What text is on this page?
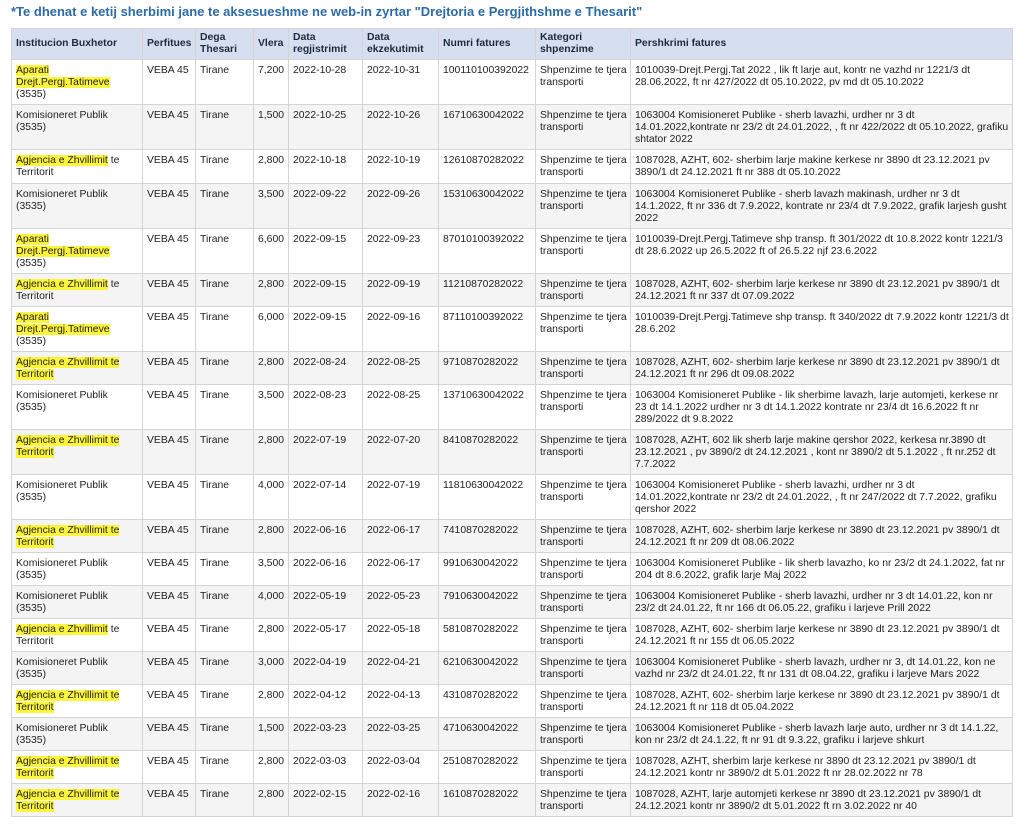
*Te dhenat e ketij sherbimi jane te aksesueshme ne web-in zyrtar "Drejtoria e Pergjithshme e Thesarit"
Institucion Buxhetor	Perfitues	Dega Thesari	Vlera	Data regjistrimit	Data ekzekutimit	Numri fatures	Kategori shpenzime	Pershkrimi fatures
Aparati Drejt.Pergj.Tatimeve (3535)	VEBA 45	Tirane	7,200	2022-10-28	2022-10-31	100110100392022	Shpenzime te tjera transporti	1010039-Drejt.Pergj.Tat 2022 , lik ft larje aut, kontr ne vazhd nr 1221/3 dt 28.06.2022, ft nr 427/2022 dt 05.10.2022, pv md dt 05.10.2022
Komisioneret Publik (3535)	VEBA 45	Tirane	1,500	2022-10-25	2022-10-26	16710630042022	Shpenzime te tjera transporti	1063004 Komisioneret Publike - sherb lavazhi, urdher nr 3 dt 14.01.2022,kontrate nr 23/2 dt 24.01.2022, , ft nr 422/2022 dt 05.10.2022, grafiku shtator 2022
Agjencia e Zhvillimit te Territorit	VEBA 45	Tirane	2,800	2022-10-18	2022-10-19	12610870282022	Shpenzime te tjera transporti	1087028, AZHT, 602- sherbim larje makine kerkese nr 3890 dt 23.12.2021 pv 3890/1 dt 24.12.2021 ft nr 388 dt 05.10.2022
Komisioneret Publik (3535)	VEBA 45	Tirane	3,500	2022-09-22	2022-09-26	15310630042022	Shpenzime te tjera transporti	1063004 Komisioneret Publike - sherb lavazh makinash, urdher nr 3 dt 14.1.2022, ft nr 336 dt 7.9.2022, kontrate nr 23/4 dt 7.9.2022, grafik larjesh gusht 2022
Aparati Drejt.Pergj.Tatimeve (3535)	VEBA 45	Tirane	6,600	2022-09-15	2022-09-23	87010100392022	Shpenzime te tjera transporti	1010039-Drejt.Pergj.Tatimeve shp transp. ft 301/2022 dt 10.8.2022 kontr 1221/3 dt 28.6.2022 up 26.5.2022 ft of 26.5.22 njf 23.6.2022
Agjencia e Zhvillimit te Territorit	VEBA 45	Tirane	2,800	2022-09-15	2022-09-19	11210870282022	Shpenzime te tjera transporti	1087028, AZHT, 602- sherbim larje kerkese nr 3890 dt 23.12.2021 pv 3890/1 dt 24.12.2021 ft nr 337 dt 07.09.2022
Aparati Drejt.Pergj.Tatimeve (3535)	VEBA 45	Tirane	6,000	2022-09-15	2022-09-16	87110100392022	Shpenzime te tjera transporti	1010039-Drejt.Pergj.Tatimeve shp transp. ft 340/2022 dt 7.9.2022 kontr 1221/3 dt 28.6.202
Agjencia e Zhvillimit te Territorit	VEBA 45	Tirane	2,800	2022-08-24	2022-08-25	9710870282022	Shpenzime te tjera transporti	1087028, AZHT, 602- sherbim larje kerkese nr 3890 dt 23.12.2021 pv 3890/1 dt 24.12.2021 ft nr 296 dt 09.08.2022
Komisioneret Publik (3535)	VEBA 45	Tirane	3,500	2022-08-23	2022-08-25	13710630042022	Shpenzime te tjera transporti	1063004 Komisioneret Publike - lik sherbime lavazh, larje automjeti, kerkese nr 23 dt 14.1.2022 urdher nr 3 dt 14.1.2022 kontrate nr 23/4 dt 16.6.2022 ft nr 289/2022 dt 9.8.2022
Agjencia e Zhvillimit te Territorit	VEBA 45	Tirane	2,800	2022-07-19	2022-07-20	8410870282022	Shpenzime te tjera transporti	1087028, AZHT, 602 lik sherb larje makine qershor 2022, kerkesa nr.3890 dt 23.12.2021 , pv 3890/2 dt 24.12.2021 , kont nr 3890/2 dt 5.1.2022 , ft nr.252 dt 7.7.2022
Komisioneret Publik (3535)	VEBA 45	Tirane	4,000	2022-07-14	2022-07-19	11810630042022	Shpenzime te tjera transporti	1063004 Komisioneret Publike - sherb lavazhi, urdher nr 3 dt 14.01.2022,kontrate nr 23/2 dt 24.01.2022, , ft nr 247/2022 dt 7.7.2022, grafiku qershor 2022
Agjencia e Zhvillimit te Territorit	VEBA 45	Tirane	2,800	2022-06-16	2022-06-17	7410870282022	Shpenzime te tjera transporti	1087028, AZHT, 602- sherbim larje kerkese nr 3890 dt 23.12.2021 pv 3890/1 dt 24.12.2021 ft nr 209 dt 08.06.2022
Komisioneret Publik (3535)	VEBA 45	Tirane	3,500	2022-06-16	2022-06-17	9910630042022	Shpenzime te tjera transporti	1063004 Komisioneret Publike - lik sherb lavazho, ko nr 23/2 dt 24.1.2022, fat nr 204 dt 8.6.2022, grafik larje Maj 2022
Komisioneret Publik (3535)	VEBA 45	Tirane	4,000	2022-05-19	2022-05-23	7910630042022	Shpenzime te tjera transporti	1063004 Komisioneret Publike - sherb lavazhi, urdher nr 3 dt 14.01.22, kon nr 23/2 dt 24.01.22, ft nr 166 dt 06.05.22, grafiku i larjeve Prill 2022
Agjencia e Zhvillimit te Territorit	VEBA 45	Tirane	2,800	2022-05-17	2022-05-18	5810870282022	Shpenzime te tjera transporti	1087028, AZHT, 602- sherbim larje kerkese nr 3890 dt 23.12.2021 pv 3890/1 dt 24.12.2021 ft nr 155 dt 06.05.2022
Komisioneret Publik (3535)	VEBA 45	Tirane	3,000	2022-04-19	2022-04-21	6210630042022	Shpenzime te tjera transporti	1063004 Komisioneret Publike - sherb lavazh, urdher nr 3, dt 14.01.22, kon ne vazhd nr 23/2 dt 24.01.22, ft nr 131 dt 08.04.22, grafiku i larjeve Mars 2022
Agjencia e Zhvillimit te Territorit	VEBA 45	Tirane	2,800	2022-04-12	2022-04-13	4310870282022	Shpenzime te tjera transporti	1087028, AZHT, 602- sherbim larje kerkese nr 3890 dt 23.12.2021 pv 3890/1 dt 24.12.2021 ft nr 118 dt 05.04.2022
Komisioneret Publik (3535)	VEBA 45	Tirane	1,500	2022-03-23	2022-03-25	4710630042022	Shpenzime te tjera transporti	1063004 Komisioneret Publike - sherb lavazh larje auto, urdher nr 3 dt 14.1.22, kon nr 23/2 dt 24.1.22, ft nr 91 dt 9.3.22, grafiku i larjeve shkurt
Agjencia e Zhvillimit te Territorit	VEBA 45	Tirane	2,800	2022-03-03	2022-03-04	2510870282022	Shpenzime te tjera transporti	1087028, AZHT, sherbim larje kerkese nr 3890 dt 23.12.2021 pv 3890/1 dt 24.12.2021 kontr nr 3890/2 dt 5.01.2022 ft nr 28.02.2022 nr 78
Agjencia e Zhvillimit te Territorit	VEBA 45	Tirane	2,800	2022-02-15	2022-02-16	1610870282022	Shpenzime te tjera transporti	1087028, AZHT, larje automjeti kerkese nr 3890 dt 23.12.2021 pv 3890/1 dt 24.12.2021 kontr nr 3890/2 dt 5.01.2022 ft rn 3.02.2022 nr 40
